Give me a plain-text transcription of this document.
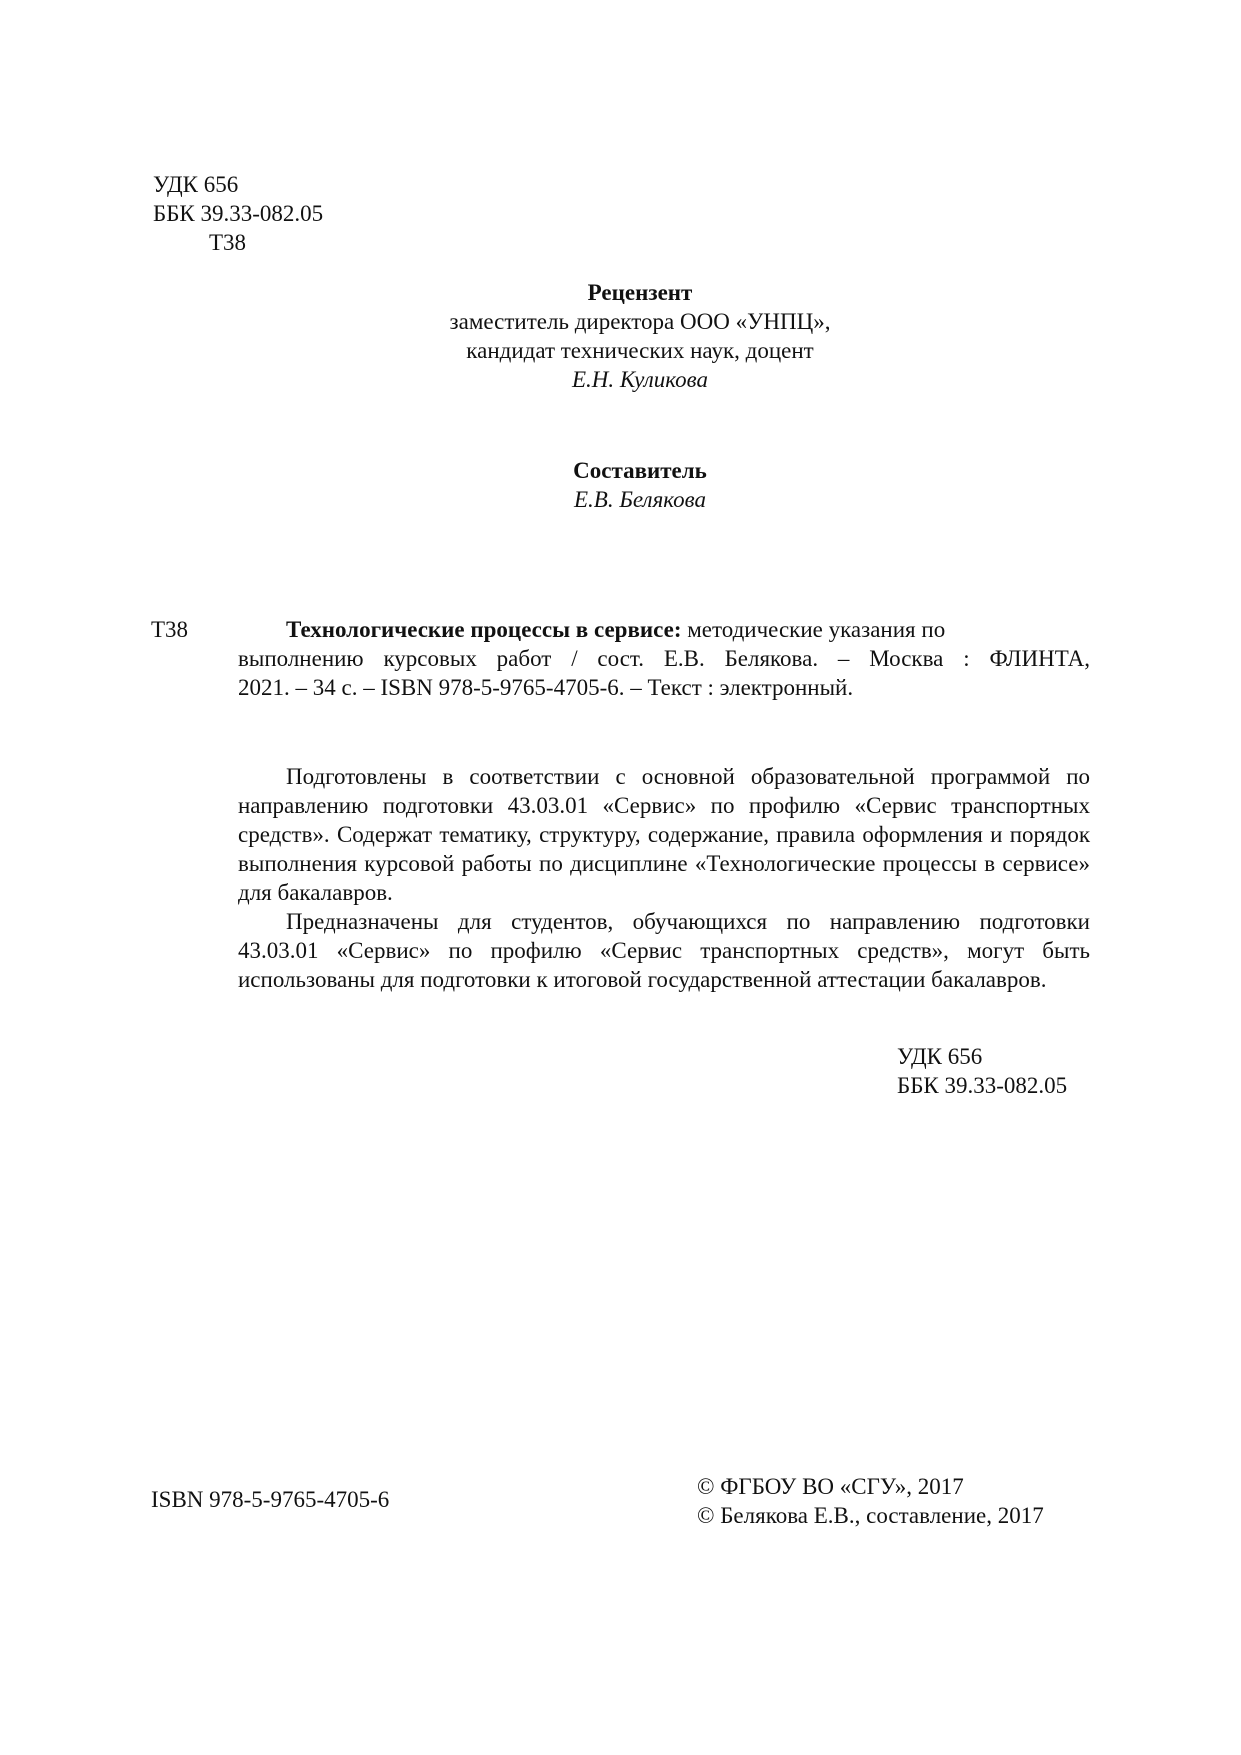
УДК 656
ББК 39.33-082.05
Т38
Рецензент
заместитель директора ООО «УНПЦ»,
кандидат технических наук, доцент
Е.Н. Куликова
Составитель
Е.В. Белякова
Т38	Технологические процессы в сервисе: методические указания по
выполнению курсовых работ / сост. Е.В. Белякова. – Москва : ФЛИНТА,
2021. – 34 с. – ISBN 978-5-9765-4705-6. – Текст : электронный.

Подготовлены в соответствии с основной образовательной программой по направлению подготовки 43.03.01 «Сервис» по профилю «Сервис транспортных средств». Содержат тематику, структуру, содержание, правила оформления и порядок выполнения курсовой работы по дисциплине «Технологические процессы в сервисе» для бакалавров.

Предназначены для студентов, обучающихся по направлению подготовки 43.03.01 «Сервис» по профилю «Сервис транспортных средств», могут быть использованы для подготовки к итоговой государственной аттестации бакалавров.

УДК 656
ББК 39.33-082.05
ISBN 978-5-9765-4705-6
© ФГБОУ ВО «СГУ», 2017
© Белякова Е.В., составление, 2017
